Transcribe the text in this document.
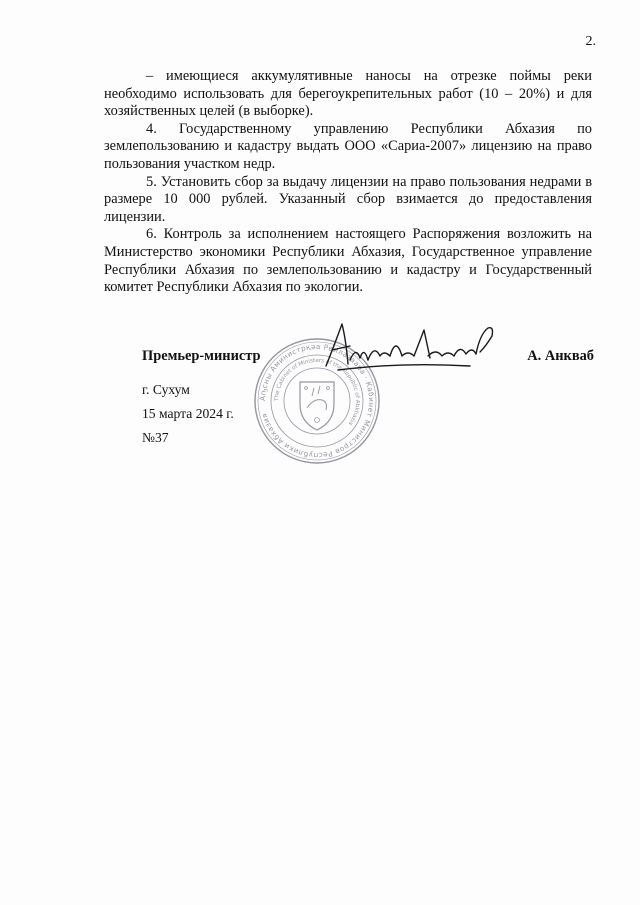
2.

– имеющиеся аккумулятивные наносы на отрезке поймы реки необходимо использовать для берегоукрепительных работ (10 – 20%) и для хозяйственных целей (в выборке).

4. Государственному управлению Республики Абхазия по землепользованию и кадастру выдать ООО «Сариа-2007» лицензию на право пользования участком недр.

5. Установить сбор за выдачу лицензии на право пользования недрами в размере 10 000 рублей. Указанный сбор взимается до предоставления лицензии.

6. Контроль за исполнением настоящего Распоряжения возложить на Министерство экономики Республики Абхазия, Государственное управление Республики Абхазия по землепользованию и кадастру и Государственный комитет Республики Абхазия по экологии.

Аҧсны Аминистрқәа Реилазаара · Кабинет Министров Республики Абхазия
The Cabinet of Ministers of the Republic of Abkhazia
Премьер-министр	А. Анкваб
г. Сухум
15 марта 2024 г.
№37
